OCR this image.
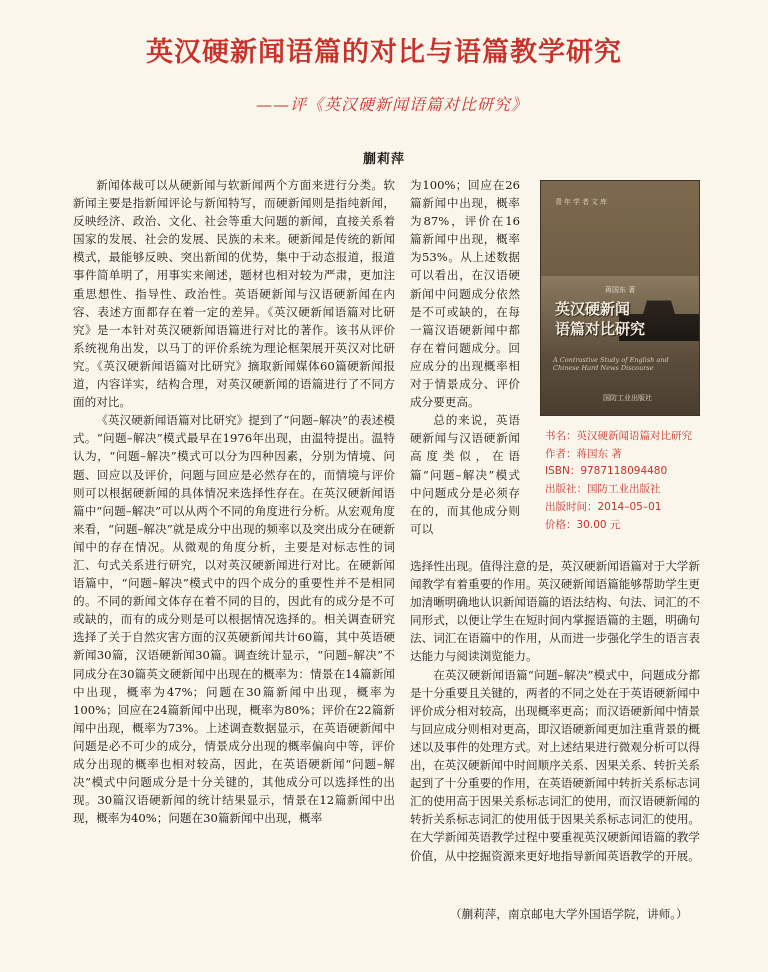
英汉硬新闻语篇的对比与语篇教学研究
——评《英汉硬新闻语篇对比研究》
蒯莉萍

新闻体裁可以从硬新闻与软新闻两个方面来进行分类。软新闻主要是指新闻评论与新闻特写，而硬新闻则是指纯新闻，反映经济、政治、文化、社会等重大问题的新闻，直接关系着国家的发展、社会的发展、民族的未来。硬新闻是传统的新闻模式，最能够反映、突出新闻的优势，集中于动态报道，报道事件简单明了，用事实来阐述，题材也相对较为严肃，更加注重思想性、指导性、政治性。英语硬新闻与汉语硬新闻在内容、表述方面都存在着一定的差异。《英汉硬新闻语篇对比研究》是一本针对英汉硬新闻语篇进行对比的著作。该书从评价系统视角出发，以马丁的评价系统为理论框架展开英汉对比研究。《英汉硬新闻语篇对比研究》摘取新闻媒体60篇硬新闻报道，内容详实，结构合理，对英汉硬新闻的语篇进行了不同方面的对比。

《英汉硬新闻语篇对比研究》提到了“问题–解决”的表述模式。“问题–解决”模式最早在1976年出现，由温特提出。温特认为，“问题–解决”模式可以分为四种因素，分别为情境、问题、回应以及评价，问题与回应是必然存在的，而情境与评价则可以根据硬新闻的具体情况来选择性存在。在英汉硬新闻语篇中“问题–解决”可以从两个不同的角度进行分析。从宏观角度来看，“问题–解决”就是成分中出现的频率以及突出成分在硬新闻中的存在情况。从微观的角度分析，主要是对标志性的词汇、句式关系进行研究，以对英汉硬新闻进行对比。在硬新闻语篇中，“问题–解决”模式中的四个成分的重要性并不是相同的。不同的新闻文体存在着不同的目的，因此有的成分是不可或缺的，而有的成分则是可以根据情况选择的。相关调查研究选择了关于自然灾害方面的汉英硬新闻共计60篇，其中英语硬新闻30篇，汉语硬新闻30篇。调查统计显示，“问题–解决”不同成分在30篇英文硬新闻中出现在的概率为：情景在14篇新闻中出现，概率为47%；问题在30篇新闻中出现，概率为100%；回应在24篇新闻中出现，概率为80%；评价在22篇新闻中出现，概率为73%。上述调查数据显示，在英语硬新闻中问题是必不可少的成分，情景成分出现的概率偏向中等，评价成分出现的概率也相对较高，因此，在英语硬新闻“问题–解决”模式中问题成分是十分关键的，其他成分可以选择性的出现。30篇汉语硬新闻的统计结果显示，情景在12篇新闻中出现，概率为40%；问题在30篇新闻中出现，概率

为100%；回应在26篇新闻中出现，概率为87%，评价在16篇新闻中出现，概率为53%。从上述数据可以看出，在汉语硬新闻中问题成分依然是不可或缺的，在每一篇汉语硬新闻中都存在着问题成分。回应成分的出现概率相对于情景成分、评价成分要更高。

总的来说，英语硬新闻与汉语硬新闻高度类似，在语篇“问题–解决”模式中问题成分是必须存在的，而其他成分则可以

青年学者文库
蒋国东 著
英汉硬新闻
语篇对比研究
A Contrastive Study of English and Chinese Hard News Discourse
国防工业出版社
书名：英汉硬新闻语篇对比研究
作者：蒋国东 著
ISBN：9787118094480
出版社：国防工业出版社
出版时间：2014–05–01
价格：30.00 元

选择性出现。值得注意的是，英汉硬新闻语篇对于大学新闻教学有着重要的作用。英汉硬新闻语篇能够帮助学生更加清晰明确地认识新闻语篇的语法结构、句法、词汇的不同形式，以便让学生在短时间内掌握语篇的主题，明确句法、词汇在语篇中的作用，从而进一步强化学生的语言表达能力与阅读浏览能力。

在英汉硬新闻语篇“问题–解决”模式中，问题成分都是十分重要且关键的，两者的不同之处在于英语硬新闻中评价成分相对较高，出现概率更高；而汉语硬新闻中情景与回应成分则相对更高，即汉语硬新闻更加注重背景的概述以及事件的处理方式。对上述结果进行微观分析可以得出，在英汉硬新闻中时间顺序关系、因果关系、转折关系起到了十分重要的作用，在英语硬新闻中转折关系标志词汇的使用高于因果关系标志词汇的使用，而汉语硬新闻的转折关系标志词汇的使用低于因果关系标志词汇的使用。在大学新闻英语教学过程中要重视英汉硬新闻语篇的教学价值，从中挖掘资源来更好地指导新闻英语教学的开展。

（蒯莉萍，南京邮电大学外国语学院，讲师。）
